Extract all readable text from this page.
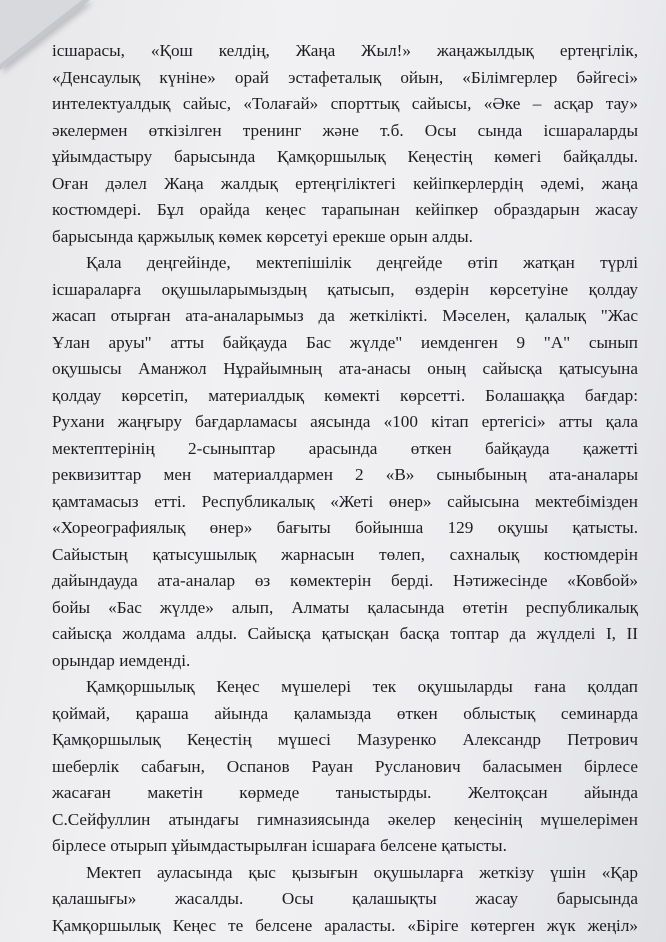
ісшарасы, «Қош келдің, Жаңа Жыл!» жаңажылдық ертеңгілік,
«Денсаулық күніне» орай эстафеталық ойын, «Білімгерлер бәйгесі»
интелектуалдық сайыс, «Толағай» спорттық сайысы, «Әке – асқар тау»
әкелермен өткізілген тренинг және т.б. Осы сында ісшараларды
ұйымдастыру барысында Қамқоршылық Кеңестің көмегі байқалды.
Оған дәлел Жаңа жалдық ертеңгіліктегі кейіпкерлердің әдемі, жаңа
костюмдері. Бұл орайда кеңес тарапынан кейіпкер образдарын жасау
барысында қаржылық көмек көрсетуі ерекше орын алды.

Қала деңгейінде, мектепішілік деңгейде өтіп жатқан түрлі
ісшараларға оқушыларымыздың қатысып, өздерін көрсетуіне қолдау
жасап отырған ата-аналарымыз да жеткілікті. Мәселен, қалалық "Жас
Ұлан аруы" атты байқауда Бас жүлде" иемденген 9 "А" сынып
оқушысы Аманжол Нұрайымның ата-анасы оның сайысқа қатысуына
қолдау көрсетіп, материалдық көмекті көрсетті. Болашаққа бағдар:
Рухани жаңғыру бағдарламасы аясында «100 кітап ертегісі» атты қала
мектептерінің 2-сыныптар арасында өткен байқауда қажетті
реквизиттар мен материалдармен 2 «В» сыныбының ата-аналары
қамтамасыз етті. Республикалық «Жеті өнер» сайысына мектебімізден
«Хореографиялық өнер» бағыты бойынша 129 оқушы қатысты.
Сайыстың қатысушылық жарнасын төлеп, сахналық костюмдерін
дайындауда ата-аналар өз көмектерін берді. Нәтижесінде «Ковбой»
бойы «Бас жүлде» алып, Алматы қаласында өтетін республикалық
сайысқа жолдама алды. Сайысқа қатысқан басқа топтар да жүлделі I, II
орындар иемденді.

Қамқоршылық Кеңес мүшелері тек оқушыларды ғана қолдап
қоймай, қараша айында қаламызда өткен облыстық семинарда
Қамқоршылық Кеңестің мүшесі Мазуренко Александр Петрович
шеберлік сабағын, Оспанов Рауан Русланович баласымен бірлесе
жасаған макетін көрмеде таныстырды. Желтоқсан айында
С.Сейфуллин атындағы гимназиясында әкелер кеңесінің мүшелерімен
бірлесе отырып ұйымдастырылған ісшараға белсене қатысты.

Мектеп ауласында қыс қызығын оқушыларға жеткізу үшін «Қар
қалашығы» жасалды. Осы қалашықты жасау барысында
Қамқоршылық Кеңес те белсене араласты. «Біріге көтерген жүк жеңіл»
